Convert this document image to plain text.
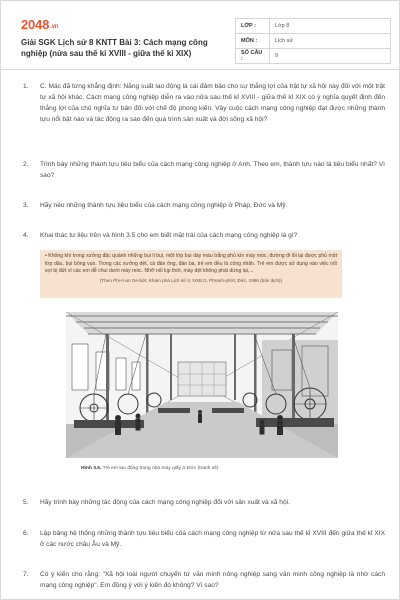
2048.vn
Giải SGK Lịch sử 8 KNTT Bài 3: Cách mạng công nghiệp (nửa sau thế kỉ XVIII - giữa thế kỉ XIX)
LỚP :	Lớp 8
MÔN :	Lịch sử
SỐ CÂU :	9
1.	C. Mác đã từng khẳng định: Năng suất lao động là cái đảm bảo cho sự thắng lợi của trật tự xã hội này đối với một trật tự xã hội khác. Cách mạng công nghiệp diễn ra vào nửa sau thế kỉ XVIII - giữa thế kỉ XIX có ý nghĩa quyết định đến thắng lợi của chủ nghĩa tư bản đối với chế độ phong kiến. Vậy cuộc cách mạng công nghiệp đạt được những thành tựu nổi bật nào và tác động ra sao đến quá trình sản xuất và đời sống xã hội?
2.	Trình bày những thành tựu tiêu biểu của cách mạng công nghiệp ở Anh. Theo em, thành tựu nào là tiêu biểu nhất? Vì sao?
3.	Hãy nêu những thành tựu tiêu biểu của cách mạng công nghiệp ở Pháp, Đức và Mỹ.
4.	Khai thác tư liệu trên và hình 3.5 cho em biết mặt trái của cách mạng công nghiệp là gì?
• Không khí trong xưởng đặc quánh những bụi li bụi, một lớp bụi dày màu trắng phủ kín máy móc, đường đi lối lại được phủ một lớp dầu, bụi bông vụn. Trong các xưởng dệt, cả đàn ông, đàn bà, trẻ em đều là công nhân. Trẻ em được sử dụng vào việc nối sợi bị đứt vì các em dễ chui dưới máy móc. Nhỡ nối kịp thời, máy dệt không phải dừng lại,...
(Theo Phi-ri-an Oe-bớt, Khám phá Lịch sử II, NXB D. Phranh-phớt, Đức, 1996 (bản dịch))
Hình 3.5. Trẻ em lao động trong nhà máy giấy ở Đức (tranh vẽ)
5.	Hãy trình bày những tác động của cách mạng công nghiệp đối với sản xuất và xã hội.
6.	Lập bảng hệ thống những thành tựu tiêu biểu của cách mạng công nghiệp từ nửa sau thế kỉ XVIII đến giữa thế kỉ XIX ở các nước châu Âu và Mỹ.
7.	Có ý kiến cho rằng: "Xã hội loài người chuyển từ văn minh nông nghiệp sang văn minh công nghiệp là nhờ cách mạng công nghiệp". Em đồng ý với ý kiến đó không? Vì sao?
